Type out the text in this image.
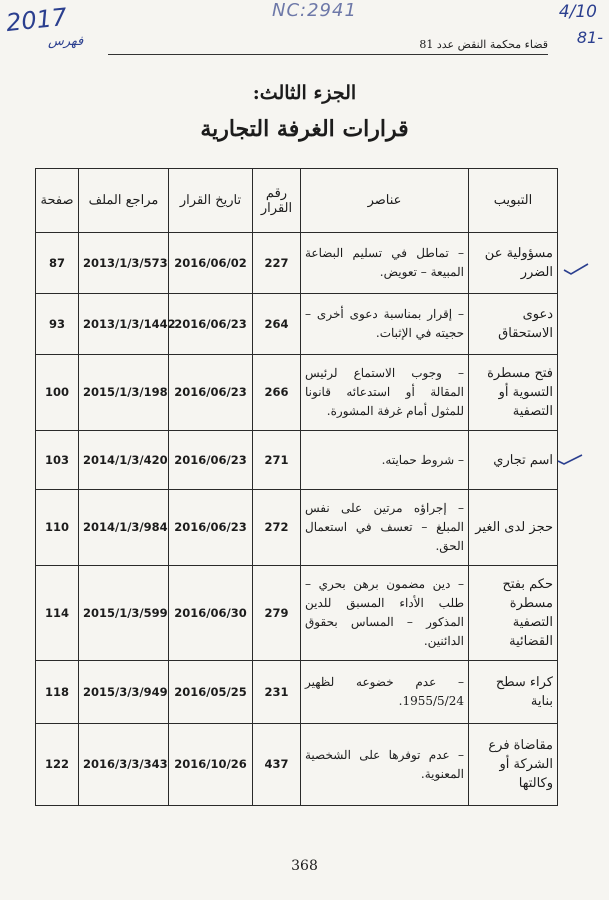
2017
فهرس
NC:2941	4/10
81-
قضاء محكمة النقض عدد 81
الجزء الثالث:
قرارات الغرفة التجارية
التبويب	عناصر	رقم القرار	تاريخ القرار	مراجع الملف	صفحة
مسؤولية عن الضرر	– تماطل في تسليم البضاعة المبيعة – تعويض.	227	2016/06/02	2013/1/3/573	87
دعوى الاستحقاق	– إقرار بمناسبة دعوى أخرى – حجيته في الإثبات.	264	2016/06/23	2013/1/3/1442	93
فتح مسطرة التسوية أو التصفية	– وجوب الاستماع لرئيس المقالة أو استدعائه قانونا للمثول أمام غرفة المشورة.	266	2016/06/23	2015/1/3/198	100
اسم تجاري	– شروط حمايته.	271	2016/06/23	2014/1/3/420	103
حجز لدى الغير	– إجراؤه مرتين على نفس المبلغ – تعسف في استعمال الحق.	272	2016/06/23	2014/1/3/984	110
حكم بفتح مسطرة التصفية القضائية	– دين مضمون برهن بحري – طلب الأداء المسبق للدين المذكور – المساس بحقوق الدائنين.	279	2016/06/30	2015/1/3/599	114
كراء سطح بناية	– عدم خضوعه لظهير 1955/5/24.	231	2016/05/25	2015/3/3/949	118
مقاضاة فرع الشركة أو وكالتها	– عدم توفرها على الشخصية المعنوية.	437	2016/10/26	2016/3/3/343	122
368
